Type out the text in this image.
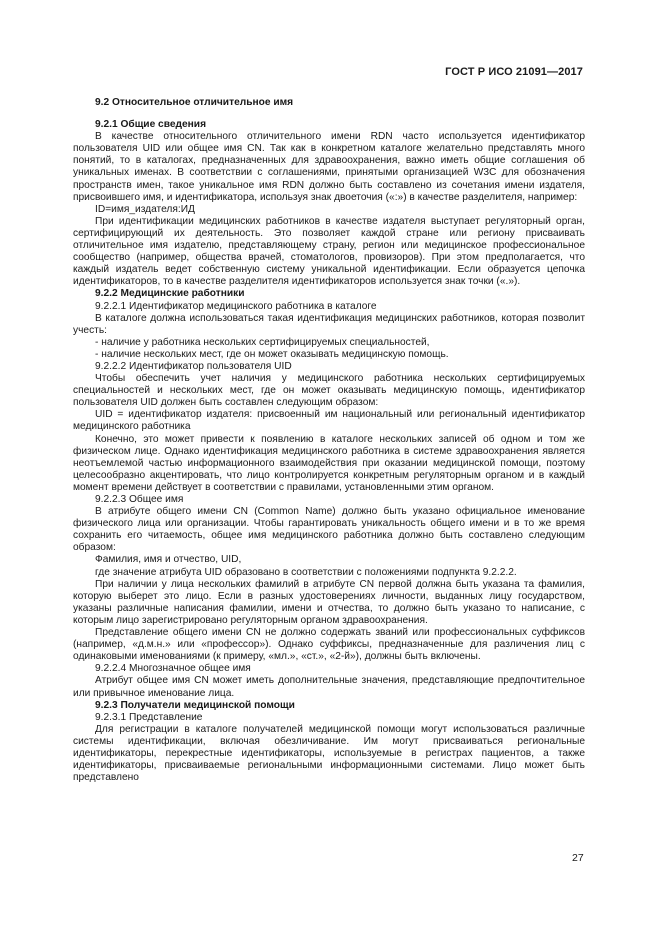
ГОСТ Р ИСО 21091—2017

9.2 Относительное отличительное имя

9.2.1 Общие сведения

В качестве относительного отличительного имени RDN часто используется идентификатор пользователя UID или общее имя CN. Так как в конкретном каталоге желательно представлять много понятий, то в каталогах, предназначенных для здравоохранения, важно иметь общие соглашения об уникальных именах. В соответствии с соглашениями, принятыми организацией W3C для обозначения пространств имен, такое уникальное имя RDN должно быть составлено из сочетания имени издателя, присвоившего имя, и идентификатора, используя знак двоеточия («:») в качестве разделителя, например:

ID=имя_издателя:ИД

При идентификации медицинских работников в качестве издателя выступает регуляторный орган, сертифицирующий их деятельность. Это позволяет каждой стране или региону присваивать отличительное имя издателю, представляющему страну, регион или медицинское профессиональное сообщество (например, общества врачей, стоматологов, провизоров). При этом предполагается, что каждый издатель ведет собственную систему уникальной идентификации. Если образуется цепочка идентификаторов, то в качестве разделителя идентификаторов используется знак точки («.»).

9.2.2 Медицинские работники

9.2.2.1 Идентификатор медицинского работника в каталоге

В каталоге должна использоваться такая идентификация медицинских работников, которая позволит учесть:

- наличие у работника нескольких сертифицируемых специальностей,

- наличие нескольких мест, где он может оказывать медицинскую помощь.

9.2.2.2 Идентификатор пользователя UID

Чтобы обеспечить учет наличия у медицинского работника нескольких сертифицируемых специальностей и нескольких мест, где он может оказывать медицинскую помощь, идентификатор пользователя UID должен быть составлен следующим образом:

UID = идентификатор издателя: присвоенный им национальный или региональный идентификатор медицинского работника

Конечно, это может привести к появлению в каталоге нескольких записей об одном и том же физическом лице. Однако идентификация медицинского работника в системе здравоохранения является неотъемлемой частью информационного взаимодействия при оказании медицинской помощи, поэтому целесообразно акцентировать, что лицо контролируется конкретным регуляторным органом и в каждый момент времени действует в соответствии с правилами, установленными этим органом.

9.2.2.3 Общее имя

В атрибуте общего имени CN (Common Name) должно быть указано официальное именование физического лица или организации. Чтобы гарантировать уникальность общего имени и в то же время сохранить его читаемость, общее имя медицинского работника должно быть составлено следующим образом:

Фамилия, имя и отчество, UID,

где значение атрибута UID образовано в соответствии с положениями подпункта 9.2.2.2.

При наличии у лица нескольких фамилий в атрибуте CN первой должна быть указана та фамилия, которую выберет это лицо. Если в разных удостоверениях личности, выданных лицу государством, указаны различные написания фамилии, имени и отчества, то должно быть указано то написание, с которым лицо зарегистрировано регуляторным органом здравоохранения.

Представление общего имени CN не должно содержать званий или профессиональных суффиксов (например, «д.м.н.» или «профессор»). Однако суффиксы, предназначенные для различения лиц с одинаковыми именованиями (к примеру, «мл.», «ст.», «2-й»), должны быть включены.

9.2.2.4 Многозначное общее имя

Атрибут общее имя CN может иметь дополнительные значения, представляющие предпочтительное или привычное именование лица.

9.2.3 Получатели медицинской помощи

9.2.3.1 Представление

Для регистрации в каталоге получателей медицинской помощи могут использоваться различные системы идентификации, включая обезличивание. Им могут присваиваться региональные идентификаторы, перекрестные идентификаторы, используемые в регистрах пациентов, а также идентификаторы, присваиваемые региональными информационными системами. Лицо может быть представлено

27
